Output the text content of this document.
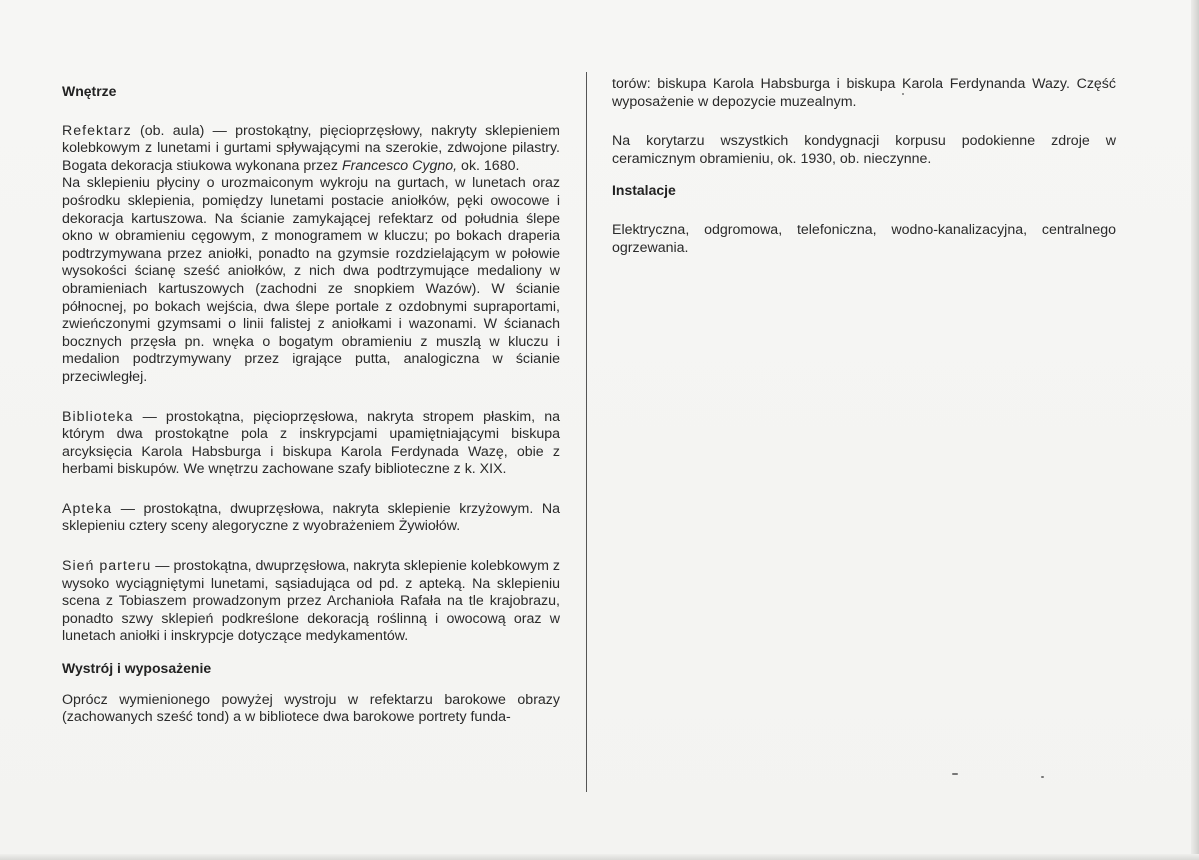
Wnętrze

Refektarz (ob. aula) — prostokątny, pięcioprzęsłowy, nakryty sklepieniem kolebkowym z lunetami i gurtami spływającymi na szerokie, zdwojone pilastry. Bogata dekoracja stiukowa wykonana przez Francesco Cygno, ok. 1680.

Na sklepieniu płyciny o urozmaiconym wykroju na gurtach, w lunetach oraz pośrodku sklepienia, pomiędzy lunetami postacie aniołków, pęki owocowe i dekoracja kartuszowa. Na ścianie zamykającej refektarz od południa ślepe okno w obramieniu cęgowym, z monogramem w kluczu; po bokach draperia podtrzymywana przez aniołki, ponadto na gzymsie rozdzielającym w połowie wysokości ścianę sześć aniołków, z nich dwa podtrzymujące medaliony w obramieniach kartuszowych (zachodni ze snopkiem Wazów). W ścianie północnej, po bokach wejścia, dwa ślepe portale z ozdobnymi supraportami, zwieńczonymi gzymsami o linii falistej z aniołkami i wazonami. W ścianach bocznych przęsła pn. wnęka o bogatym obramieniu z muszlą w kluczu i medalion podtrzymywany przez igrające putta, analogiczna w ścianie przeciwległej.

Biblioteka — prostokątna, pięcioprzęsłowa, nakryta stropem płaskim, na którym dwa prostokątne pola z inskrypcjami upamiętniającymi biskupa arcyksięcia Karola Habsburga i biskupa Karola Ferdynada Wazę, obie z herbami biskupów. We wnętrzu zachowane szafy biblioteczne z k. XIX.

Apteka — prostokątna, dwuprzęsłowa, nakryta sklepienie krzyżowym. Na sklepieniu cztery sceny alegoryczne z wyobrażeniem Żywiołów.

Sień parteru — prostokątna, dwuprzęsłowa, nakryta sklepienie kolebkowym z wysoko wyciągniętymi lunetami, sąsiadująca od pd. z apteką. Na sklepieniu scena z Tobiaszem prowadzonym przez Archanioła Rafała na tle krajobrazu, ponadto szwy sklepień podkreślone dekoracją roślinną i owocową oraz w lunetach aniołki i inskrypcje dotyczące medykamentów.

Wystrój i wyposażenie

Oprócz wymienionego powyżej wystroju w refektarzu barokowe obrazy (zachowanych sześć tond) a w bibliotece dwa barokowe portrety funda-

torów: biskupa Karola Habsburga i biskupa Karola Ferdynanda Wazy. Część wyposażenie w depozycie muzealnym.

Na korytarzu wszystkich kondygnacji korpusu podokienne zdroje w ceramicznym obramieniu, ok. 1930, ob. nieczynne.

Instalacje

Elektryczna, odgromowa, telefoniczna, wodno-kanalizacyjna, centralnego ogrzewania.
